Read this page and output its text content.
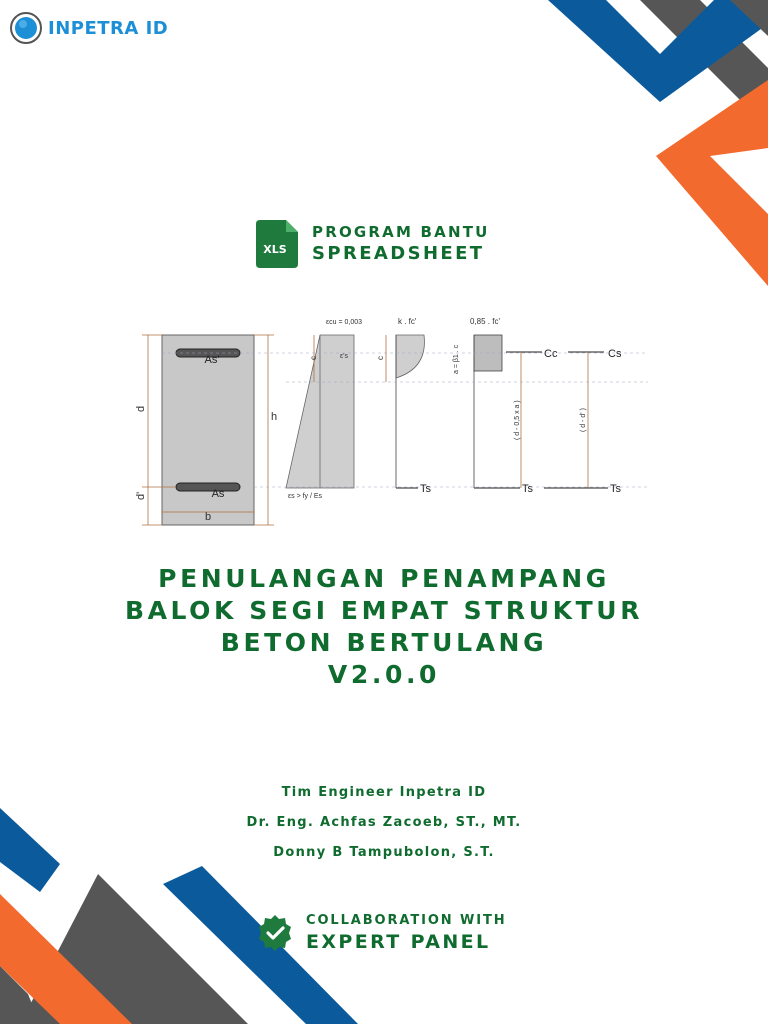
INPETRA ID
XLS
PROGRAM BANTU
SPREADSHEET
As'
As
d
d'
h
b
εcu = 0,003
ε's
εs > fy / Es
c
k . fc'
c
Ts
0,85 . fc'
a = β1 . c	Cc
Ts
( d - 0,5 x a )
Cs
( d - d' )
Ts
PENULANGAN PENAMPANG
BALOK SEGI EMPAT STRUKTUR
BETON BERTULANG
V2.0.0
Tim Engineer Inpetra ID
Dr. Eng. Achfas Zacoeb, ST., MT.
Donny B Tampubolon, S.T.
COLLABORATION WITH
EXPERT PANEL
